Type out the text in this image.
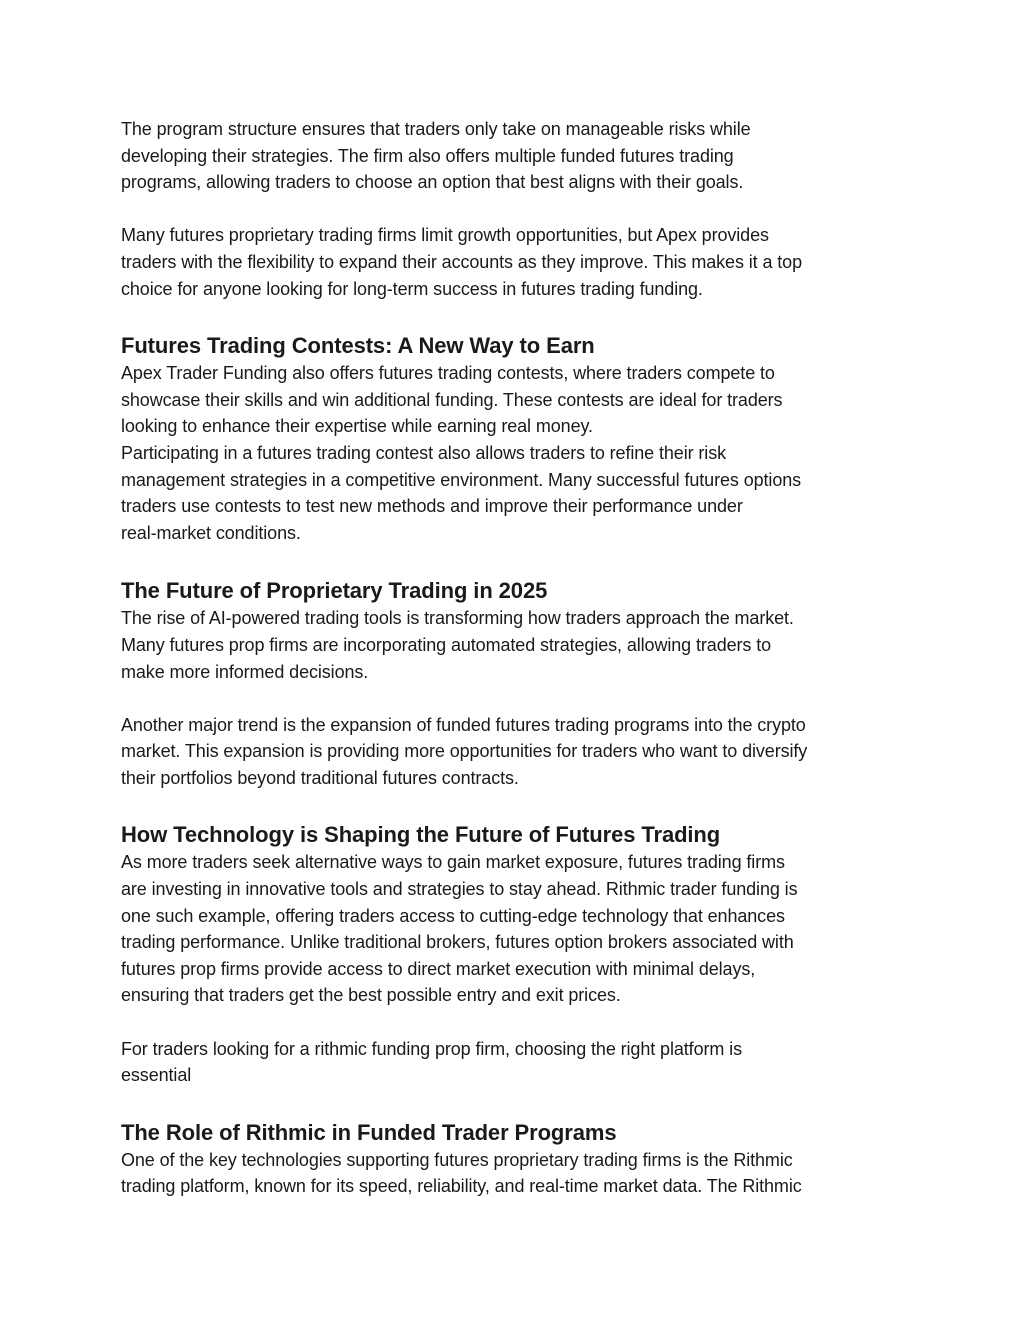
The program structure ensures that traders only take on manageable risks while
developing their strategies. The firm also offers multiple funded futures trading
programs, allowing traders to choose an option that best aligns with their goals.

Many futures proprietary trading firms limit growth opportunities, but Apex provides
traders with the flexibility to expand their accounts as they improve. This makes it a top
choice for anyone looking for long-term success in futures trading funding.

Futures Trading Contests: A New Way to Earn

Apex Trader Funding also offers futures trading contests, where traders compete to
showcase their skills and win additional funding. These contests are ideal for traders
looking to enhance their expertise while earning real money.

Participating in a futures trading contest also allows traders to refine their risk
management strategies in a competitive environment. Many successful futures options
traders use contests to test new methods and improve their performance under
real-market conditions.

The Future of Proprietary Trading in 2025

The rise of AI-powered trading tools is transforming how traders approach the market.
Many futures prop firms are incorporating automated strategies, allowing traders to
make more informed decisions.

Another major trend is the expansion of funded futures trading programs into the crypto
market. This expansion is providing more opportunities for traders who want to diversify
their portfolios beyond traditional futures contracts.

How Technology is Shaping the Future of Futures Trading

As more traders seek alternative ways to gain market exposure, futures trading firms
are investing in innovative tools and strategies to stay ahead. Rithmic trader funding is
one such example, offering traders access to cutting-edge technology that enhances
trading performance. Unlike traditional brokers, futures option brokers associated with
futures prop firms provide access to direct market execution with minimal delays,
ensuring that traders get the best possible entry and exit prices.

For traders looking for a rithmic funding prop firm, choosing the right platform is
essential

The Role of Rithmic in Funded Trader Programs

One of the key technologies supporting futures proprietary trading firms is the Rithmic
trading platform, known for its speed, reliability, and real-time market data. The Rithmic
